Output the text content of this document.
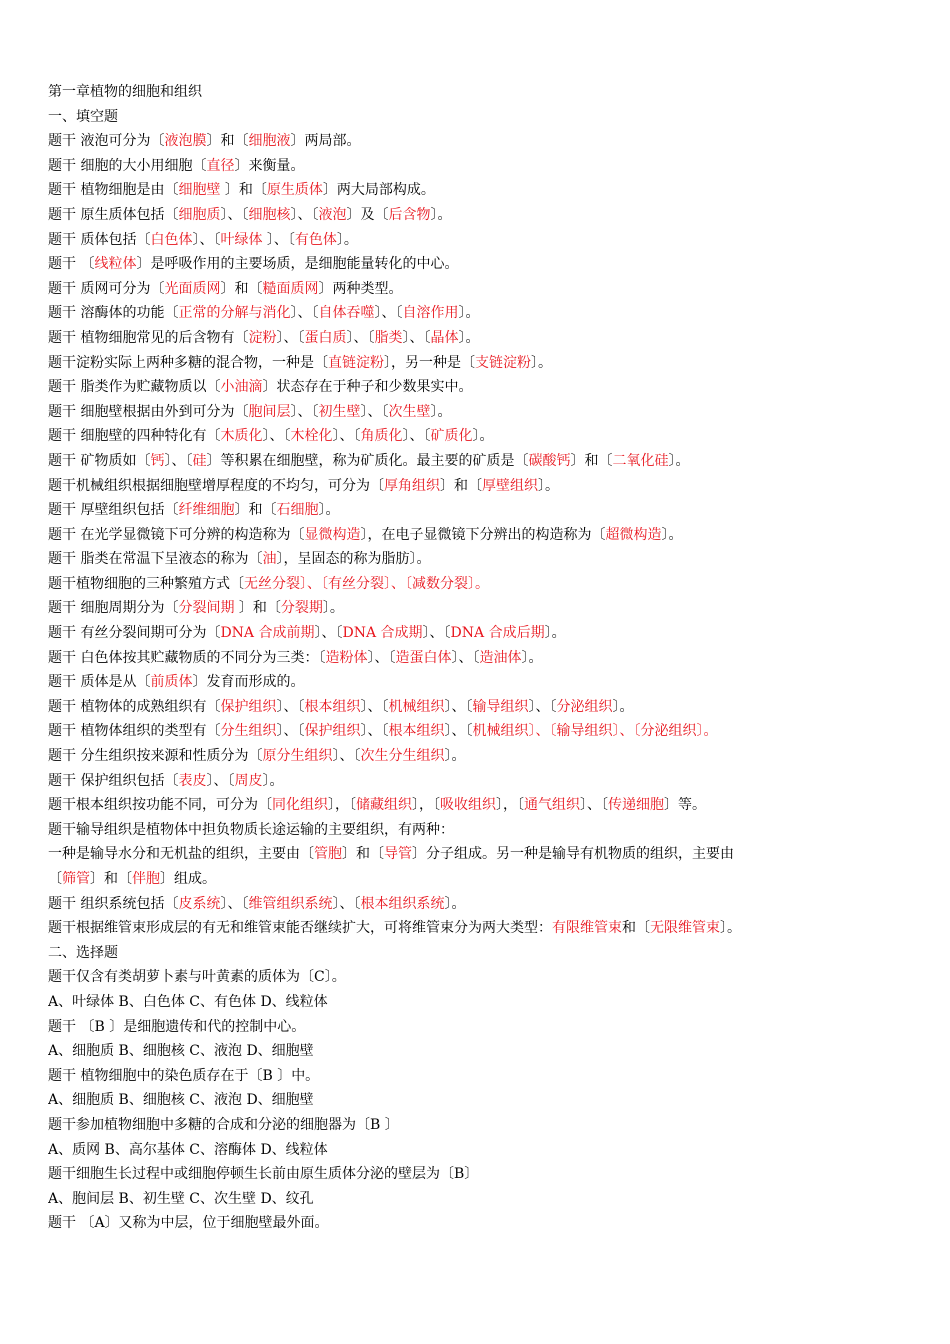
第一章植物的细胞和组织
一、填空题
题干 液泡可分为〔液泡膜〕和〔细胞液〕两局部。
题干 细胞的大小用细胞〔直径〕来衡量。
题干 植物细胞是由〔细胞壁 〕和〔原生质体〕两大局部构成。
题干 原生质体包括〔细胞质〕、〔细胞核〕、〔液泡〕及〔后含物〕。
题干 质体包括〔白色体〕、〔叶绿体 〕、〔有色体〕。
题干 〔线粒体〕是呼吸作用的主要场质，是细胞能量转化的中心。
题干 质网可分为〔光面质网〕和〔糙面质网〕两种类型。
题干 溶酶体的功能〔正常的分解与消化〕、〔自体吞噬〕、〔自溶作用〕。
题干 植物细胞常见的后含物有〔淀粉〕、〔蛋白质〕、〔脂类〕、〔晶体〕。
题干淀粉实际上两种多糖的混合物，一种是〔直链淀粉〕，另一种是〔支链淀粉〕。
题干 脂类作为贮藏物质以〔小油滴〕状态存在于种子和少数果实中。
题干 细胞壁根据由外到可分为〔胞间层〕、〔初生壁〕、〔次生壁〕。
题干 细胞壁的四种特化有〔木质化〕、〔木栓化〕、〔角质化〕、〔矿质化〕。
题干 矿物质如〔钙〕、〔硅〕等积累在细胞壁，称为矿质化。最主要的矿质是〔碳酸钙〕和〔二氧化硅〕。
题干机械组织根据细胞壁增厚程度的不均匀，可分为〔厚角组织〕和〔厚壁组织〕。
题干 厚壁组织包括〔纤维细胞〕和〔石细胞〕。
题干 在光学显微镜下可分辨的构造称为〔显微构造〕，在电子显微镜下分辨出的构造称为〔超微构造〕。
题干 脂类在常温下呈液态的称为〔油〕，呈固态的称为脂肪〕。
题干植物细胞的三种繁殖方式〔无丝分裂〕、〔有丝分裂〕、〔减数分裂〕。
题干 细胞周期分为〔分裂间期 〕和〔分裂期〕。
题干 有丝分裂间期可分为〔DNA 合成前期〕、〔DNA 合成期〕、〔DNA 合成后期〕。
题干 白色体按其贮藏物质的不同分为三类：〔造粉体〕、〔造蛋白体〕、〔造油体〕。
题干 质体是从〔前质体〕发育而形成的。
题干 植物体的成熟组织有〔保护组织〕、〔根本组织〕、〔机械组织〕、〔输导组织〕、〔分泌组织〕。
题干 植物体组织的类型有〔分生组织〕、〔保护组织〕、〔根本组织〕、〔机械组织〕、〔输导组织〕、〔分泌组织〕。
题干 分生组织按来源和性质分为〔原分生组织〕、〔次生分生组织〕。
题干 保护组织包括〔表皮〕、〔周皮〕。
题干根本组织按功能不同，可分为〔同化组织〕，〔储藏组织〕，〔吸收组织〕，〔通气组织〕、〔传递细胞〕等。
题干输导组织是植物体中担负物质长途运输的主要组织，有两种：
一种是输导水分和无机盐的组织，主要由〔管胞〕和〔导管〕分子组成。另一种是输导有机物质的组织，主要由
〔筛管〕和〔伴胞〕组成。
题干 组织系统包括〔皮系统〕、〔维管组织系统〕、〔根本组织系统〕。
题干根据维管束形成层的有无和维管束能否继续扩大，可将维管束分为两大类型：有限维管束和〔无限维管束〕。
二、选择题
题干仅含有类胡萝卜素与叶黄素的质体为〔C〕。
A、叶绿体 B、白色体 C、有色体 D、线粒体
题干 〔B 〕是细胞遗传和代的控制中心。
A、细胞质 B、细胞核 C、液泡 D、细胞壁
题干 植物细胞中的染色质存在于〔B 〕中。
A、细胞质 B、细胞核 C、液泡 D、细胞壁
题干参加植物细胞中多糖的合成和分泌的细胞器为〔B 〕
A、质网 B、高尔基体 C、溶酶体 D、线粒体
题干细胞生长过程中或细胞停顿生长前由原生质体分泌的壁层为〔B〕
A、胞间层 B、初生壁 C、次生壁 D、纹孔
题干 〔A〕又称为中层，位于细胞壁最外面。
